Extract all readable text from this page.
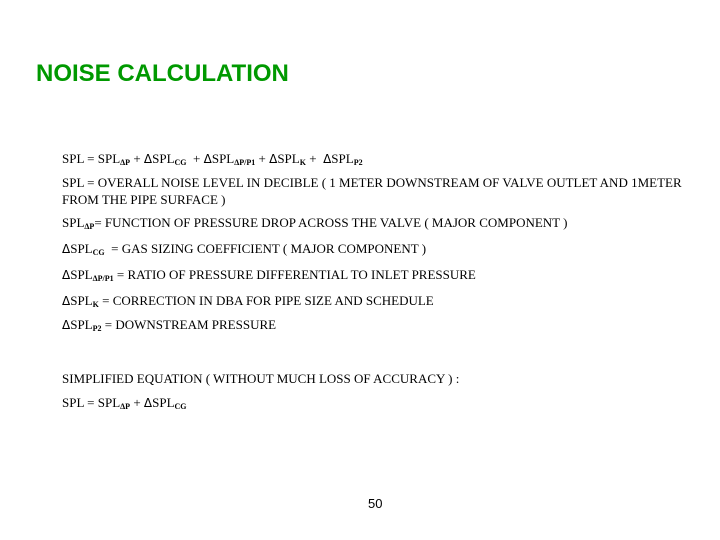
NOISE CALCULATION

SPL = $SPL_{\Delta P} + \Delta SPL_{CG} + \Delta SPL_{\Delta P/P1} + \Delta SPL_K + \Delta SPL_{P2}$

SPL = OVERALL NOISE LEVEL IN DECIBLE ( 1 METER DOWNSTREAM OF VALVE OUTLET AND 1METER FROM THE PIPE SURFACE )

$SPL_{\Delta P}=$ FUNCTION OF PRESSURE DROP ACROSS THE VALVE ( MAJOR COMPONENT )

$\Delta SPL_{CG}$ = GAS SIZING COEFFICIENT ( MAJOR COMPONENT )

$\Delta SPL_{\Delta P/P1}$ = RATIO OF PRESSURE DIFFERENTIAL TO INLET PRESSURE

$\Delta SPL_K$ = CORRECTION IN DBA FOR PIPE SIZE AND SCHEDULE

$\Delta SPL_{P2}$ = DOWNSTREAM PRESSURE

SIMPLIFIED EQUATION ( WITHOUT MUCH LOSS OF ACCURACY ) :

SPL = $SPL_{\Delta P} + \Delta SPL_{CG}$

50
